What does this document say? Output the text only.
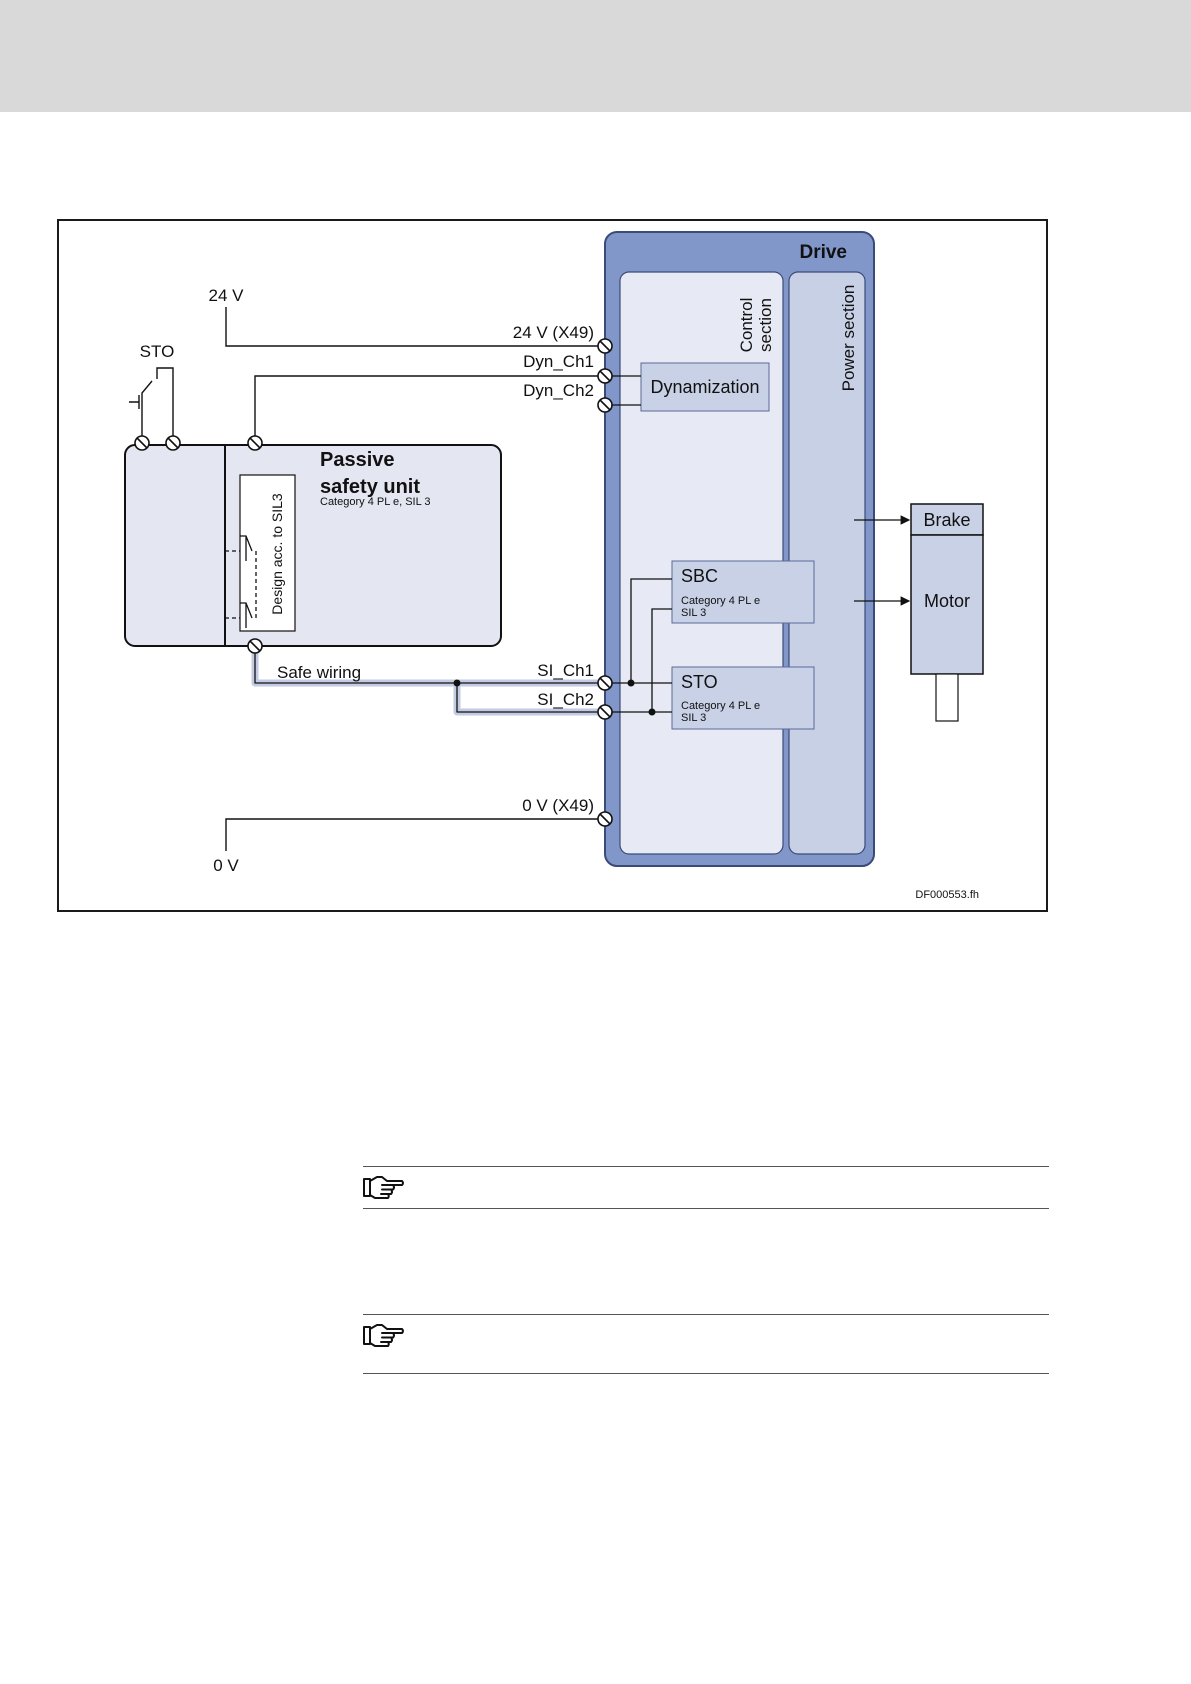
Drive
Control section	Power section
Dynamization
SBC
Category 4 PL e
SIL 3
STO
Category 4 PL e
SIL 3
Brake
Motor
Passive safety unit
Category 4 PL e, SIL 3
Design acc. to SIL3
STO
24 V
Safe wiring
0 V
24 V (X49)
Dyn_Ch1
Dyn_Ch2
SI_Ch1
SI_Ch2
0 V (X49)
DF000553.fh
